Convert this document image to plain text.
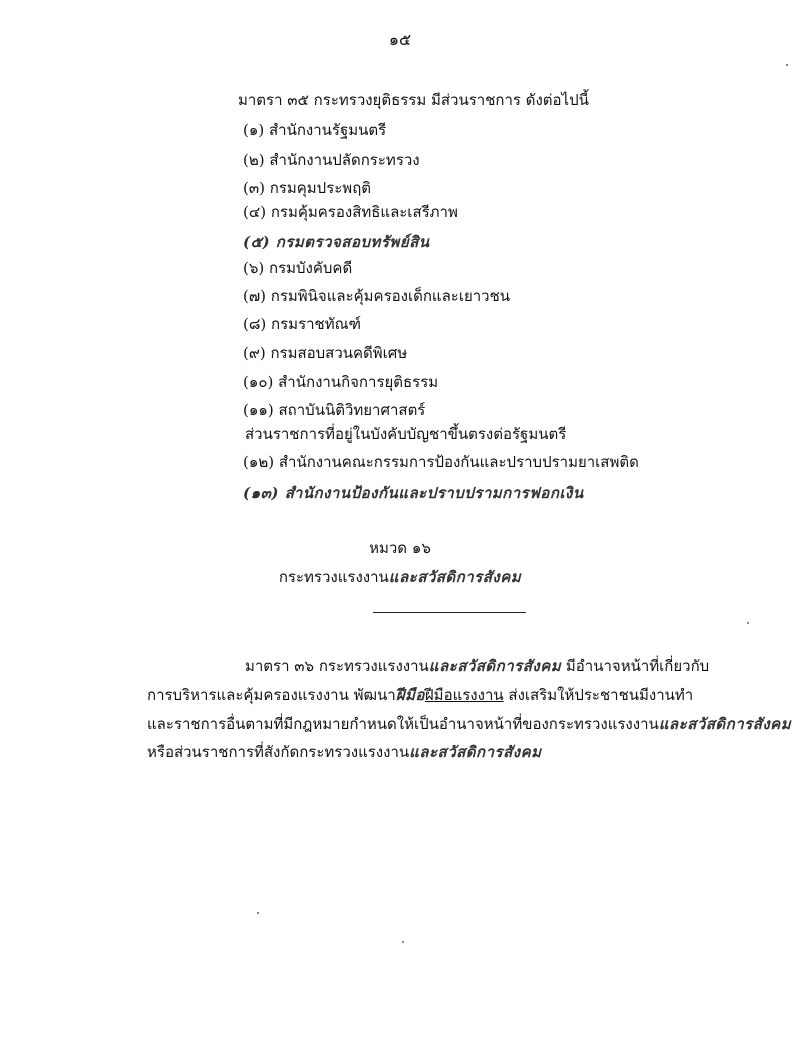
๑๕
มาตรา ๓๕ กระทรวงยุติธรรม มีส่วนราชการ ดังต่อไปนี้
(๑) สำนักงานรัฐมนตรี
(๒) สำนักงานปลัดกระทรวง
(๓) กรมคุมประพฤติ
(๔) กรมคุ้มครองสิทธิและเสรีภาพ
(๕) กรมตรวจสอบทรัพย์สิน
(๖) กรมบังคับคดี
(๗) กรมพินิจและคุ้มครองเด็กและเยาวชน
(๘) กรมราชทัณฑ์
(๙) กรมสอบสวนคดีพิเศษ
(๑๐) สำนักงานกิจการยุติธรรม
(๑๑) สถาบันนิติวิทยาศาสตร์
ส่วนราชการที่อยู่ในบังคับบัญชาขึ้นตรงต่อรัฐมนตรี
(๑๒) สำนักงานคณะกรรมการป้องกันและปราบปรามยาเสพติด
(๑๓) สำนักงานป้องกันและปราบปรามการฟอกเงิน
หมวด ๑๖
กระทรวงแรงงานและสวัสดิการสังคม
มาตรา ๓๖ กระทรวงแรงงานและสวัสดิการสังคม มีอำนาจหน้าที่เกี่ยวกับ
การบริหารและคุ้มครองแรงงาน พัฒนาฝีมือฝีมือแรงงาน ส่งเสริมให้ประชาชนมีงานทำ
และราชการอื่นตามที่มีกฎหมายกำหนดให้เป็นอำนาจหน้าที่ของกระทรวงแรงงานและสวัสดิการสังคม
หรือส่วนราชการที่สังกัดกระทรวงแรงงานและสวัสดิการสังคม
